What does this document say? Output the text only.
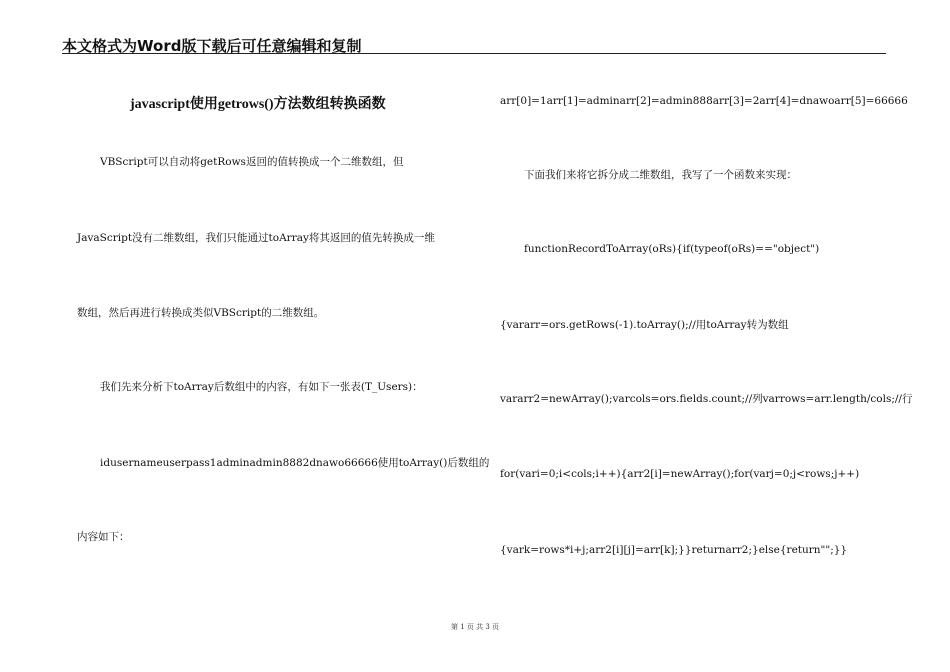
本文格式为Word版下载后可任意编辑和复制
javascript使用getrows()方法数组转换函数
VBScript可以自动将getRows返回的值转换成一个二维数组，但
JavaScript没有二维数组，我们只能通过toArray将其返回的值先转换成一维
数组，然后再进行转换成类似VBScript的二维数组。
我们先来分析下toArray后数组中的内容，有如下一张表(T_Users)：
idusernameuserpass1adminadmin8882dnawo66666使用toArray()后数组的
内容如下：
arr[0]=1arr[1]=adminarr[2]=admin888arr[3]=2arr[4]=dnawoarr[5]=66666
下面我们来将它拆分成二维数组，我写了一个函数来实现：
functionRecordToArray(oRs){if(typeof(oRs)=="object")
{vararr=ors.getRows(-1).toArray();//用toArray转为数组
vararr2=newArray();varcols=ors.fields.count;//列varrows=arr.length/cols;//行
for(vari=0;i<cols;i++){arr2[i]=newArray();for(varj=0;j<rows;j++)
{vark=rows*i+j;arr2[i][j]=arr[k];}}returnarr2;}else{return"";}}
第 1 页 共 3 页
